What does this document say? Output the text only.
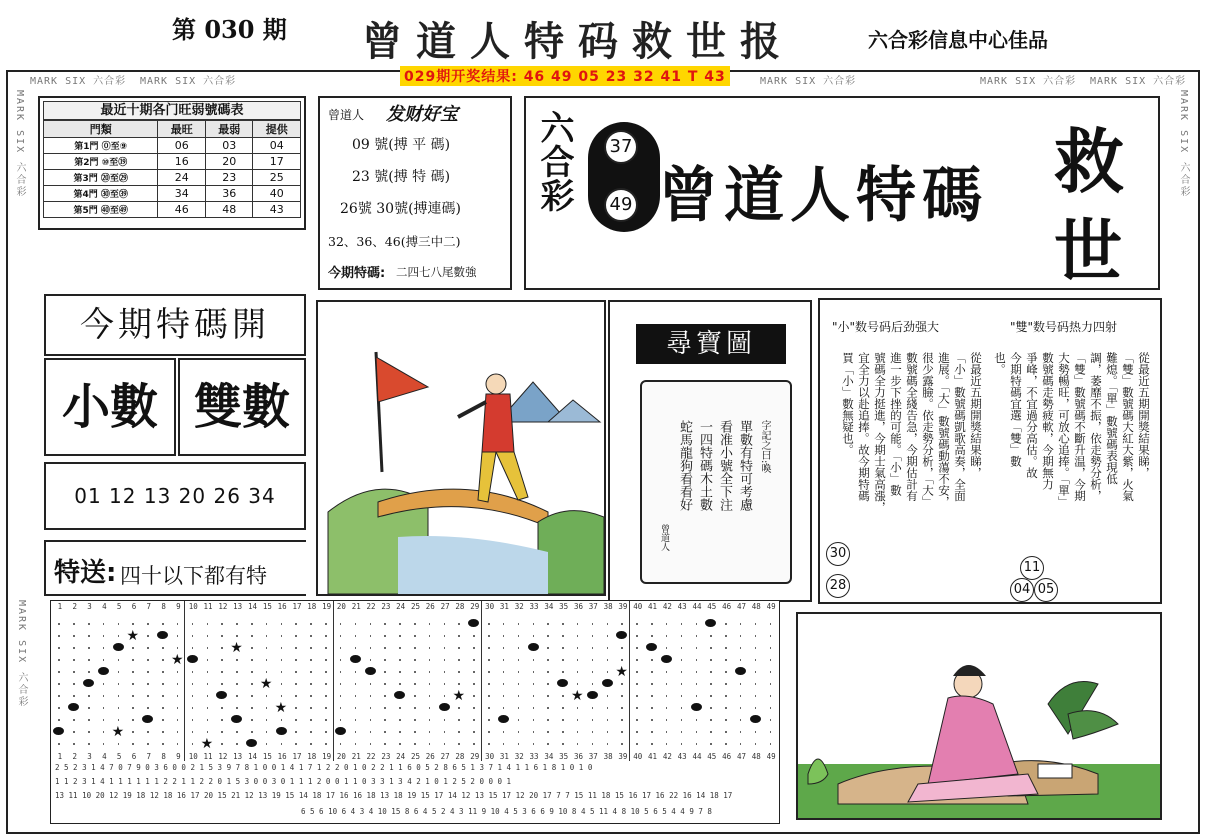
第 030 期 曾道人特码救世报	六合彩信息中心佳品
MARK SIX 六合彩	MARK SIX 六合彩	MARK SIX 六合彩	MARK SIX 六合彩	MARK SIX 六合彩
MARK SIX 六合彩	MARK SIX 六合彩
029期开奖结果: 46 49 05 23 32 41 T 43
最近十期各门旺弱號碼表
門類	最旺	最弱	提供
第1門 ⓪至⑨	06	03	04
第2門 ⑩至⑲	16	20	17
第3門 ⑳至㉙	24	23	25
第4門 ㉚至㊴	34	36	40
第5門 ㊵至㊾	46	48	43
曾道人 发财好宝
09 號(搏 平 碼)
23 號(搏 特 碼)
26號 30號(搏連碼)
32、36、46(搏三中二)
今期特碼: 二四七八尾數強
六合彩	37
49 曾道人特碼 救
世
今期特碼開
小數 雙數
01 12 13 20 26 34
特送: 四十以下都有特
尋寶圖
字記之曰:喚
單數有特可考慮
看准小號全下注
一四特碼木土數
蛇馬龍狗看看好
曾道人
"小"数号码后劲强大	"雙"数号码热力四射
從最近五期開獎結果睇，
「雙」數號碼大紅大紫，火氣
難熄。「單」數號碼表現低
調，萎靡不振，依走勢分析，
「雙」數號碼不斷升温，今期
大勢暢旺，可放心追捧。「單」
數號碼走勢疲軟，今期無力
爭峰，不宜過分高估。故
今期特碼宜選「雙」數
也。
從最近五期開獎結果睇，
「小」數號碼凱歌高奏，全面
進展。「大」數號碼動蕩不安，
很少露臉。依走勢分析，「大」
數號碼全綫告急，今期估計有
進一步下挫的可能。「小」數
號碼全力挺進，今期士氣高漲，
宜全力以赴追捧。故今期特碼
買「小」數無疑也。
11
04 05
30
28
1	2	3	4	5	6	7	8	9	10 11 12 13 14 15 16 17 18 19 20 21 22 23 24 25 26 27 28 29 30 31 32 33 34 35 36 37 38 39 40 41 42 43 44 45 46 47 48 49
1	2	3	4	5	6	7	8	9	10 11 12 13 14 15 16 17 18 19 20 21 22 23 24 25 26 27 28 29 30 31 32 33 34 35 36 37 38 39 40 41 42 43 44 45 46 47 48 49
★
★
★
★
★
★	★
★
★
★
2 5 2 3 1 4 7 0 7 9 0 3 6 0 0 2 1 5 3 9 7 8 1 0 0 1 4 1 7 1 2 2 0 1 0 2 2 1 1 6 0 5 2 8 6 5 1 3 7 1 4 1 1 6 1 8 1 0 1 0
1 1 2 3 1 4 1 1 1 1 1 1 2 2 1 1 2 2 0 1 5 3 0 0 3 0 1 1 1 2 0 0 1 1 0 3 3 1 3 4 2 1 0 1 2 5 2 0 0 0 1
13 11 10 20 12 19 18 12 18 16 17 20 15 21 12 13 19 15 14 18 17 16 16 18 13 18 19 15 17 14 12 13 15 17 12 20 17 7 7 15 11 18 15 16 17 16 22 16 14 18 17
6 5 6 10 6 4 3 4 10 15 8 6 4 5 2 4 3 11 9 10 4 5 3 6 6 9 10 8 4 5 11 4 8 10 5 6 5 4 4 9 7 8
MARK SIX 六合彩
